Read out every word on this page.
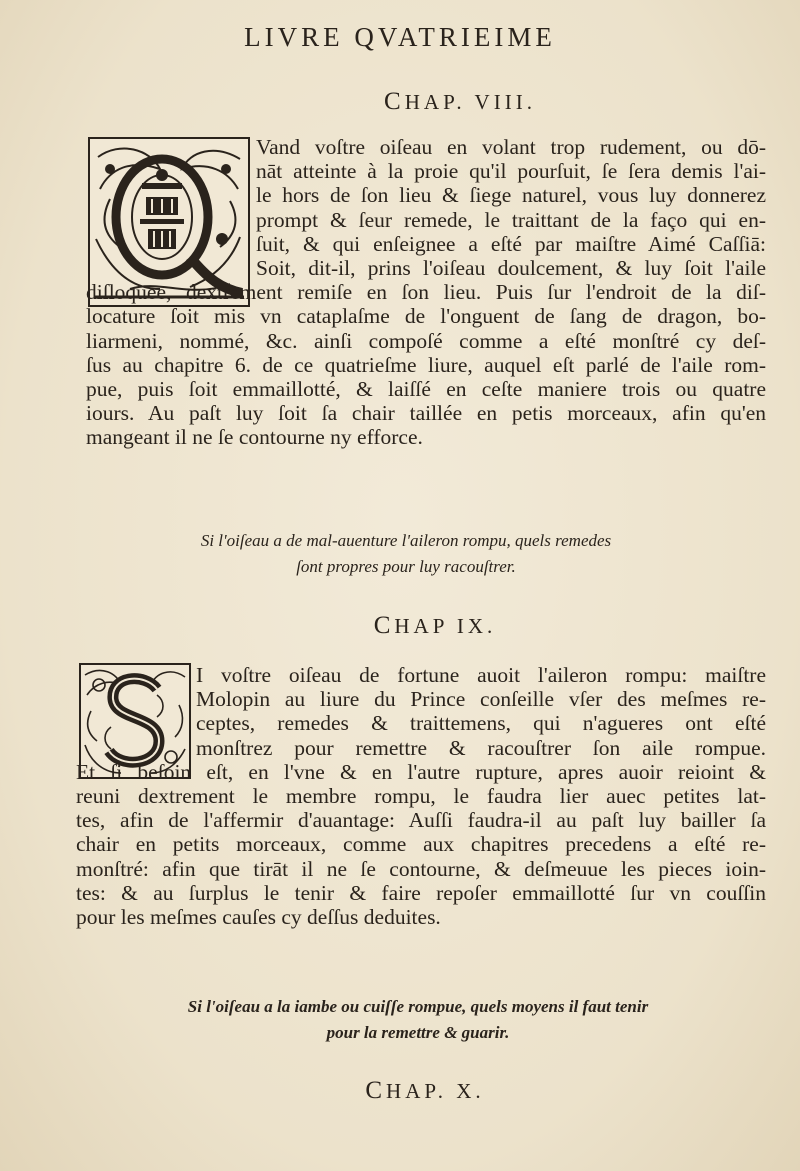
LIVRE QVATRIEIME
CHAP. VIII.

Vand voſtre oiſeau en volant trop rudement, ou dō-
nāt atteinte à la proie qu'il pourſuit, ſe ſera demis l'ai-
le hors de ſon lieu & ſiege naturel, vous luy donnerez
prompt & ſeur remede, le traittant de la faço qui en-
ſuit, & qui enſeignee a eſté par maiſtre Aimé Caſſiā:
Soit, dit-il, prins l'oiſeau doulcement, & luy ſoit l'aile
diſloquee, dextrement remiſe en ſon lieu. Puis ſur l'endroit de la diſ-
locature ſoit mis vn cataplaſme de l'onguent de ſang de dragon, bo-
liarmeni, nommé, &c. ainſi compoſé comme a eſté monſtré cy deſ-
ſus au chapitre 6. de ce quatrieſme liure, auquel eſt parlé de l'aile rom-
pue, puis ſoit emmaillotté, & laiſſé en ceſte maniere trois ou quatre
iours. Au paſt luy ſoit ſa chair taillée en petis morceaux, afin qu'en
mangeant il ne ſe contourne ny efforce.

Si l'oiſeau a de mal-auenture l'aileron rompu, quels remedes
ſont propres pour luy racouſtrer.
CHAP IX.

I voſtre oiſeau de fortune auoit l'aileron rompu: maiſtre
Molopin au liure du Prince conſeille vſer des meſmes re-
ceptes, remedes & traittemens, qui n'agueres ont eſté
monſtrez pour remettre & racouſtrer ſon aile rompue.
Et ſi beſoin eſt, en l'vne & en l'autre rupture, apres auoir reioint &
reuni dextrement le membre rompu, le faudra lier auec petites lat-
tes, afin de l'affermir d'auantage: Auſſi faudra-il au paſt luy bailler ſa
chair en petits morceaux, comme aux chapitres precedens a eſté re-
monſtré: afin que tirāt il ne ſe contourne, & deſmeuue les pieces ioin-
tes: & au ſurplus le tenir & faire repoſer emmaillotté ſur vn couſſin
pour les meſmes cauſes cy deſſus deduites.

Si l'oiſeau a la iambe ou cuiſſe rompue, quels moyens il faut tenir
pour la remettre & guarir.
CHAP. X.
